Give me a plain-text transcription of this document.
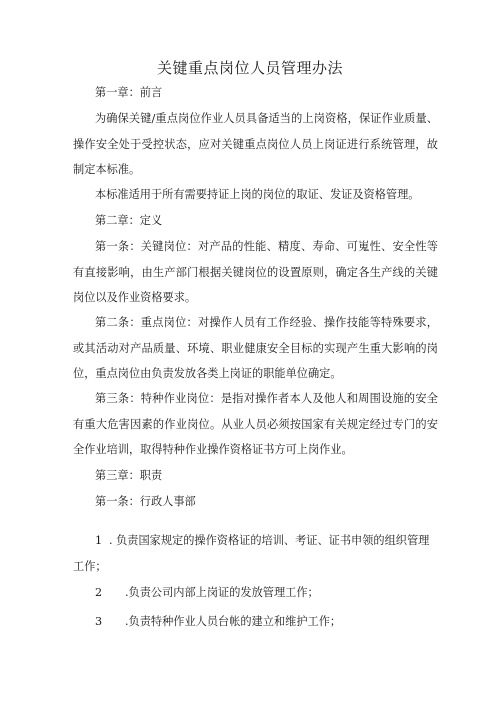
关键重点岗位人员管理办法

第一章：前言

为确保关键/重点岗位作业人员具备适当的上岗资格，保证作业质量、操作安全处于受控状态，应对关键重点岗位人员上岗证进行系统管理，故制定本标准。

本标准适用于所有需要持证上岗的岗位的取证、发证及资格管理。

第二章：定义

第一条：关键岗位：对产品的性能、精度、寿命、可嵬性、安全性等有直接影响，由生产部门根据关键岗位的设置原则，确定各生产线的关键岗位以及作业资格要求。

第二条：重点岗位：对操作人员有工作经验、操作技能等特殊要求，或其活动对产品质量、环境、职业健康安全目标的实现产生重大影响的岗位，重点岗位由负责发放各类上岗证的职能单位确定。

第三条：特种作业岗位：是指对操作者本人及他人和周围设施的安全有重大危害因素的作业岗位。从业人员必须按国家有关规定经过专门的安全作业培训，取得特种作业操作资格证书方可上岗作业。

第三章：职责

第一条：行政人事部

1 . 负责国家规定的操作资格证的培训、考证、证书申领的组织管理工作；

2 .负责公司内部上岗证的发放管理工作；

3 .负责特种作业人员台帐的建立和维护工作；
